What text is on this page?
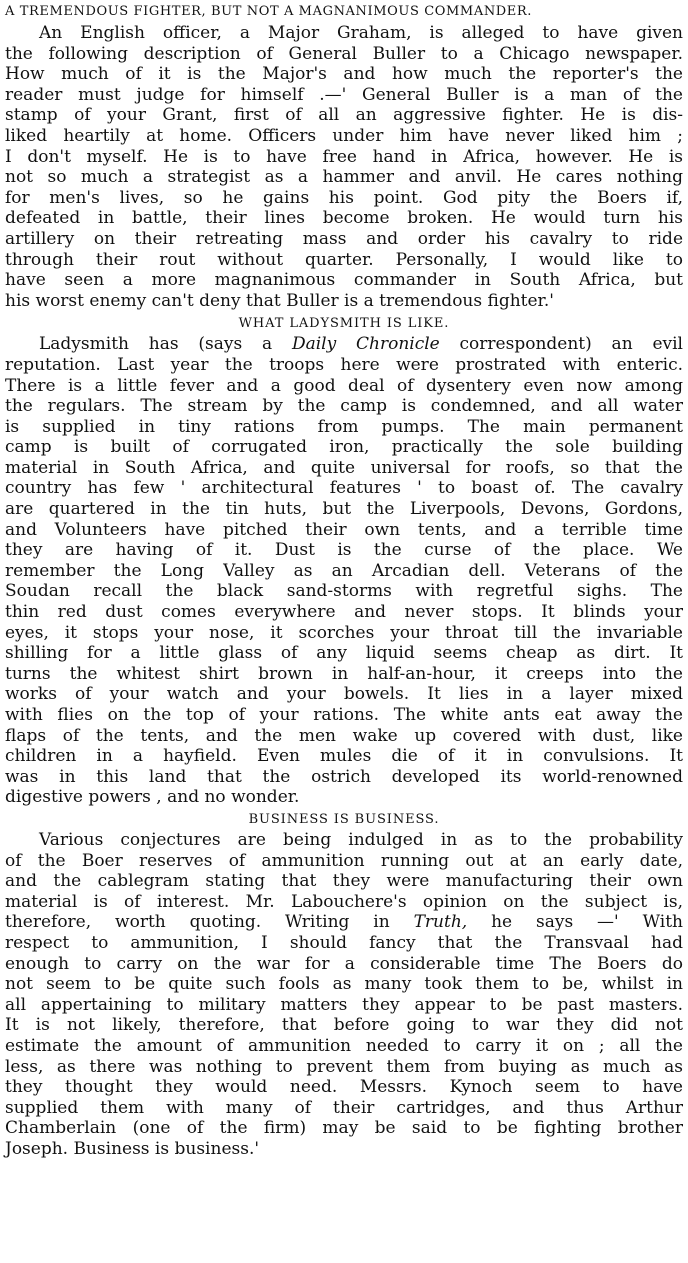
A TREMENDOUS FIGHTER, BUT NOT A MAGNANIMOUS COMMANDER.
An English officer, a Major Graham, is alleged to have given
the following description of General Buller to a Chicago newspaper.
How much of it is the Major's and how much the reporter's the
reader must judge for himself .—' General Buller is a man of the
stamp of your Grant, first of all an aggressive fighter. He is dis-
liked heartily at home. Officers under him have never liked him ;
I don't myself. He is to have free hand in Africa, however. He is
not so much a strategist as a hammer and anvil. He cares nothing
for men's lives, so he gains his point. God pity the Boers if,
defeated in battle, their lines become broken. He would turn his
artillery on their retreating mass and order his cavalry to ride
through their rout without quarter. Personally, I would like to
have seen a more magnanimous commander in South Africa, but
his worst enemy can't deny that Buller is a tremendous fighter.'
WHAT LADYSMITH IS LIKE.
Ladysmith has (says a Daily Chronicle correspondent) an evil
reputation. Last year the troops here were prostrated with enteric.
There is a little fever and a good deal of dysentery even now among
the regulars. The stream by the camp is condemned, and all water
is supplied in tiny rations from pumps. The main permanent
camp is built of corrugated iron, practically the sole building
material in South Africa, and quite universal for roofs, so that the
country has few ' architectural features ' to boast of. The cavalry
are quartered in the tin huts, but the Liverpools, Devons, Gordons,
and Volunteers have pitched their own tents, and a terrible time
they are having of it. Dust is the curse of the place. We
remember the Long Valley as an Arcadian dell. Veterans of the
Soudan recall the black sand-storms with regretful sighs. The
thin red dust comes everywhere and never stops. It blinds your
eyes, it stops your nose, it scorches your throat till the invariable
shilling for a little glass of any liquid seems cheap as dirt. It
turns the whitest shirt brown in half-an-hour, it creeps into the
works of your watch and your bowels. It lies in a layer mixed
with flies on the top of your rations. The white ants eat away the
flaps of the tents, and the men wake up covered with dust, like
children in a hayfield. Even mules die of it in convulsions. It
was in this land that the ostrich developed its world-renowned
digestive powers , and no wonder.
BUSINESS IS BUSINESS.
Various conjectures are being indulged in as to the probability
of the Boer reserves of ammunition running out at an early date,
and the cablegram stating that they were manufacturing their own
material is of interest. Mr. Labouchere's opinion on the subject is,
therefore, worth quoting. Writing in Truth, he says —' With
respect to ammunition, I should fancy that the Transvaal had
enough to carry on the war for a considerable time The Boers do
not seem to be quite such fools as many took them to be, whilst in
all appertaining to military matters they appear to be past masters.
It is not likely, therefore, that before going to war they did not
estimate the amount of ammunition needed to carry it on ; all the
less, as there was nothing to prevent them from buying as much as
they thought they would need. Messrs. Kynoch seem to have
supplied them with many of their cartridges, and thus Arthur
Chamberlain (one of the firm) may be said to be fighting brother
Joseph. Business is business.'
